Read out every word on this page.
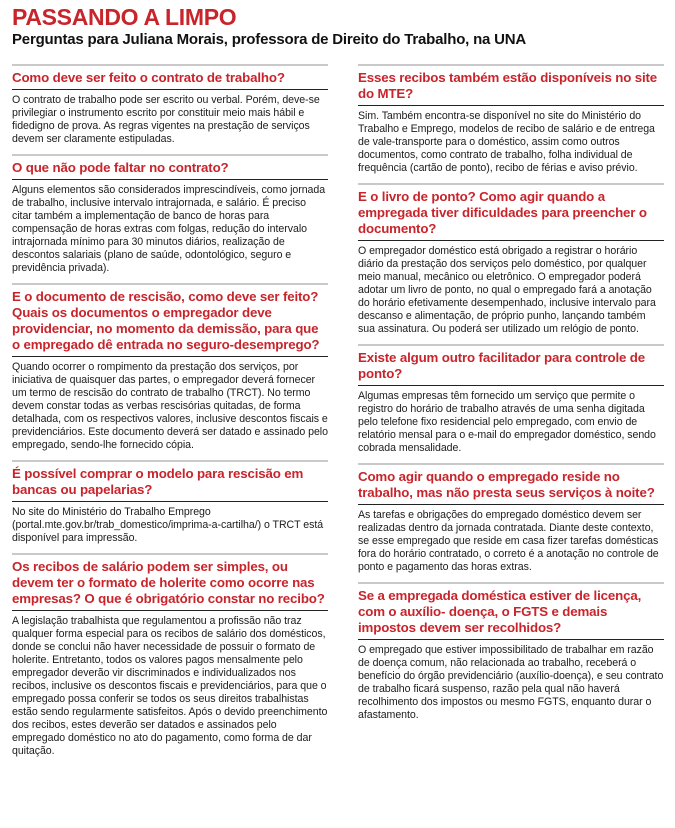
PASSANDO A LIMPO
Perguntas para Juliana Morais, professora de Direito do Trabalho, na UNA
Como deve ser feito o contrato de trabalho?
O contrato de trabalho pode ser escrito ou verbal. Porém, deve-se privilegiar o instrumento escrito por constituir meio mais hábil e fidedigno de prova. As regras vigentes na prestação de serviços devem ser claramente estipuladas.
O que não pode faltar no contrato?
Alguns elementos são considerados imprescindíveis, como jornada de trabalho, inclusive intervalo intrajornada, e salário. É preciso citar também a implementação de banco de horas para compensação de horas extras com folgas, redução do intervalo intrajornada mínimo para 30 minutos diários, realização de descontos salariais (plano de saúde, odontológico, seguro e previdência privada).
E o documento de rescisão, como deve ser feito? Quais os documentos o empregador deve providenciar, no momento da demissão, para que o empregado dê entrada no seguro-desemprego?
Quando ocorrer o rompimento da prestação dos serviços, por iniciativa de quaisquer das partes, o empregador deverá fornecer um termo de rescisão do contrato de trabalho (TRCT). No termo devem constar todas as verbas rescisórias quitadas, de forma detalhada, com os respectivos valores, inclusive descontos fiscais e previdenciários. Este documento deverá ser datado e assinado pelo empregado, sendo-lhe fornecido cópia.
É possível comprar o modelo para rescisão em bancas ou papelarias?
No site do Ministério do Trabalho Emprego (portal.mte.gov.br/trab_domestico/imprima-a-cartilha/) o TRCT está disponível para impressão.
Os recibos de salário podem ser simples, ou devem ter o formato de holerite como ocorre nas empresas? O que é obrigatório constar no recibo?
A legislação trabalhista que regulamentou a profissão não traz qualquer forma especial para os recibos de salário dos domésticos, donde se conclui não haver necessidade de possuir o formato de holerite. Entretanto, todos os valores pagos mensalmente pelo empregador deverão vir discriminados e individualizados nos recibos, inclusive os descontos fiscais e previdenciários, para que o empregado possa conferir se todos os seus direitos trabalhistas estão sendo regularmente satisfeitos. Após o devido preenchimento dos recibos, estes deverão ser datados e assinados pelo empregado doméstico no ato do pagamento, como forma de dar quitação.
Esses recibos também estão disponíveis no site do MTE?
Sim. Também encontra-se disponível no site do Ministério do Trabalho e Emprego, modelos de recibo de salário e de entrega de vale-transporte para o doméstico, assim como outros documentos, como contrato de trabalho, folha individual de frequência (cartão de ponto), recibo de férias e aviso prévio.
E o livro de ponto? Como agir quando a empregada tiver dificuldades para preencher o documento?
O empregador doméstico está obrigado a registrar o horário diário da prestação dos serviços pelo doméstico, por qualquer meio manual, mecânico ou eletrônico. O empregador poderá adotar um livro de ponto, no qual o empregado fará a anotação do horário efetivamente desempenhado, inclusive intervalo para descanso e alimentação, de próprio punho, lançando também sua assinatura. Ou poderá ser utilizado um relógio de ponto.
Existe algum outro facilitador para controle de ponto?
Algumas empresas têm fornecido um serviço que permite o registro do horário de trabalho através de uma senha digitada pelo telefone fixo residencial pelo empregado, com envio de relatório mensal para o e-mail do empregador doméstico, sendo cobrada mensalidade.
Como agir quando o empregado reside no trabalho, mas não presta seus serviços à noite?
As tarefas e obrigações do empregado doméstico devem ser realizadas dentro da jornada contratada. Diante deste contexto, se esse empregado que reside em casa fizer tarefas domésticas fora do horário contratado, o correto é a anotação no controle de ponto e pagamento das horas extras.
Se a empregada doméstica estiver de licença, com o auxílio- doença, o FGTS e demais impostos devem ser recolhidos?
O empregado que estiver impossibilitado de trabalhar em razão de doença comum, não relacionada ao trabalho, receberá o benefício do órgão previdenciário (auxílio-doença), e seu contrato de trabalho ficará suspenso, razão pela qual não haverá recolhimento dos impostos ou mesmo FGTS, enquanto durar o afastamento.
